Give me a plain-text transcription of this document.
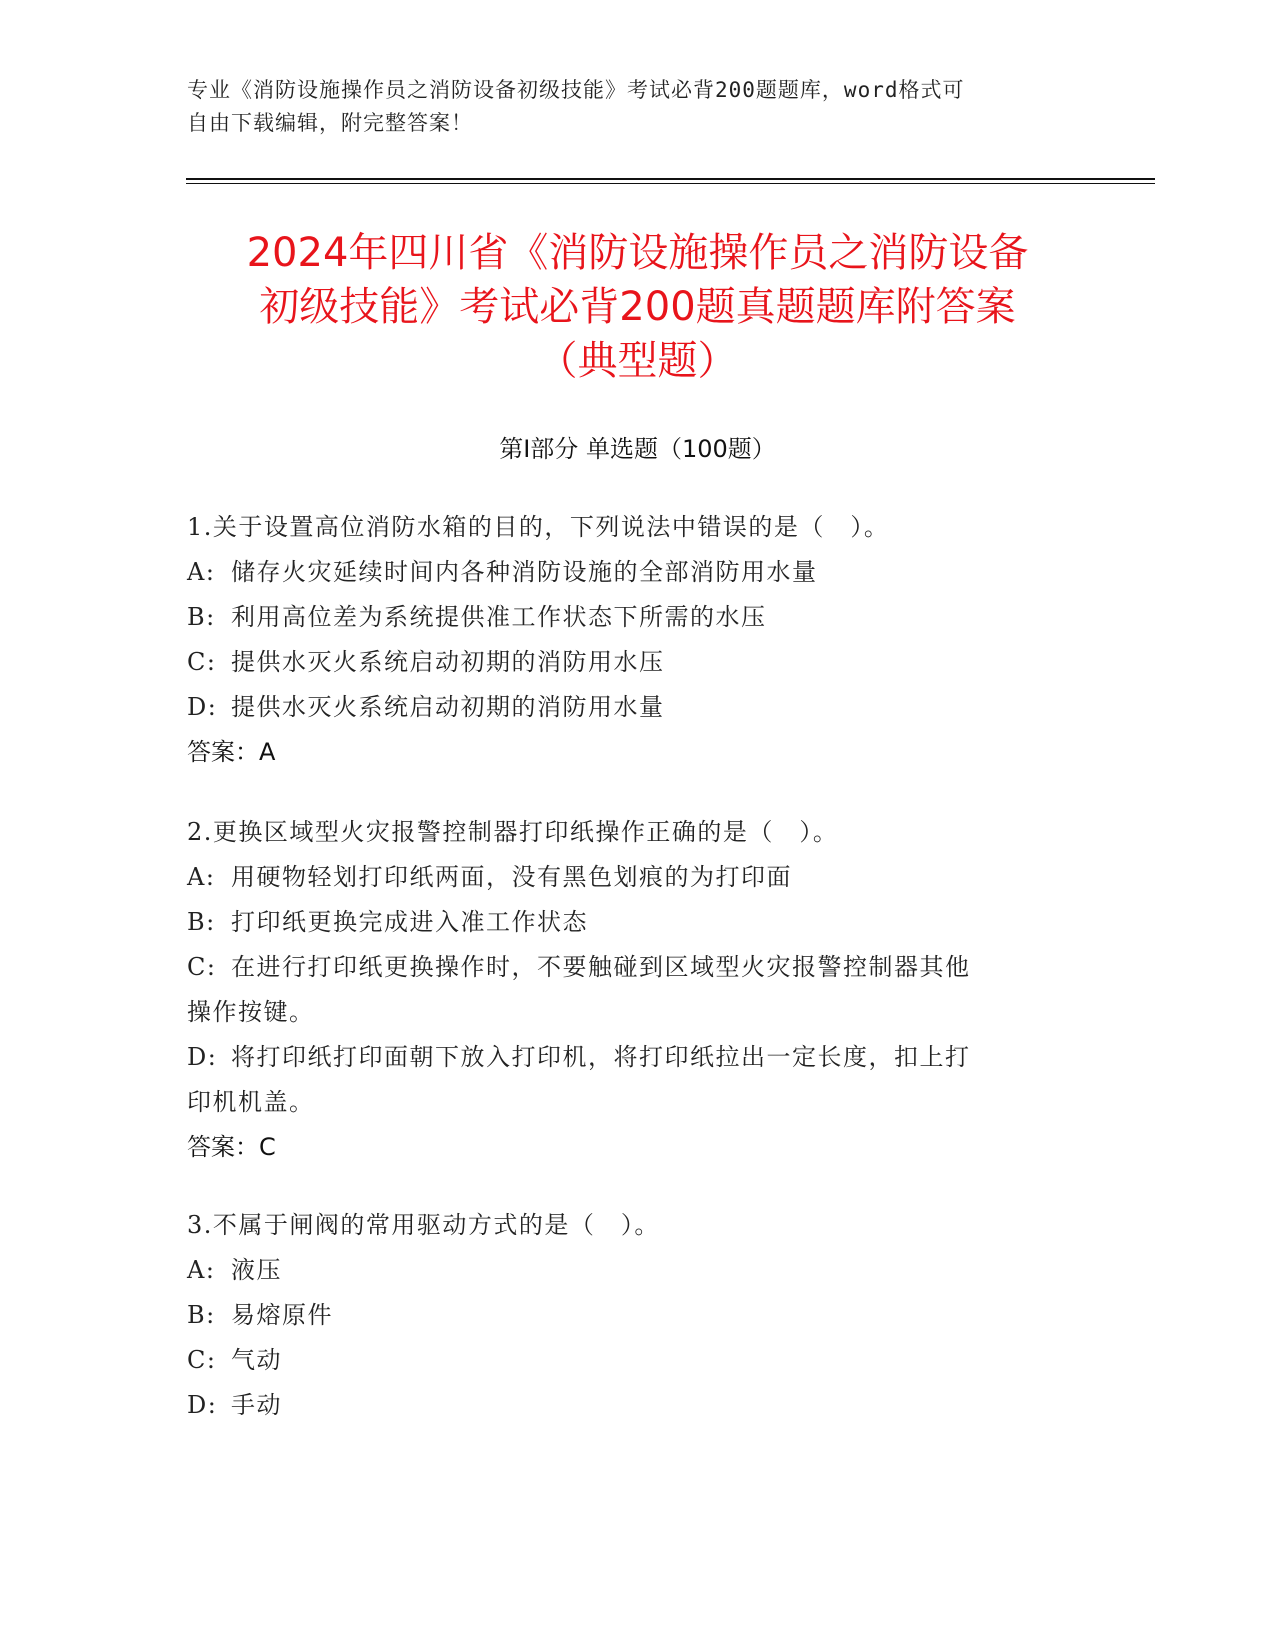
专业《消防设施操作员之消防设备初级技能》考试必背200题题库，word格式可
自由下载编辑，附完整答案！
2024年四川省《消防设施操作员之消防设备
初级技能》考试必背200题真题题库附答案
（典型题）
第Ⅰ部分 单选题（100题）
1.关于设置高位消防水箱的目的，下列说法中错误的是（　）。
A: 储存火灾延续时间内各种消防设施的全部消防用水量
B: 利用高位差为系统提供准工作状态下所需的水压
C: 提供水灭火系统启动初期的消防用水压
D: 提供水灭火系统启动初期的消防用水量
答案：A
2.更换区域型火灾报警控制器打印纸操作正确的是（　）。
A: 用硬物轻划打印纸两面，没有黑色划痕的为打印面
B: 打印纸更换完成进入准工作状态
C: 在进行打印纸更换操作时，不要触碰到区域型火灾报警控制器其他
操作按键。
D: 将打印纸打印面朝下放入打印机，将打印纸拉出一定长度，扣上打
印机机盖。
答案：C
3.不属于闸阀的常用驱动方式的是（　）。
A: 液压
B: 易熔原件
C: 气动
D: 手动
